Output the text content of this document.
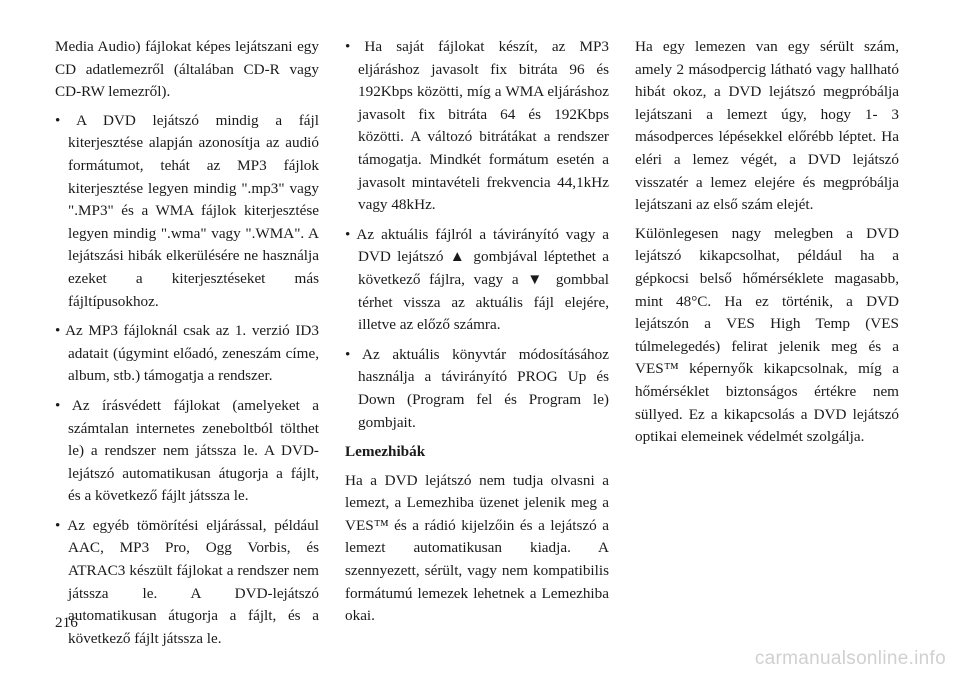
Media Audio) fájlokat képes lejátszani egy CD adatlemezről (általában CD-R vagy CD-RW lemezről).

• A DVD lejátszó mindig a fájl kiterjesztése alapján azonosítja az audió formátumot, tehát az MP3 fájlok kiterjesztése legyen mindig ".mp3" vagy ".MP3" és a WMA fájlok kiterjesztése legyen mindig ".wma" vagy ".WMA". A lejátszási hibák elkerülésére ne használja ezeket a kiterjesztéseket más fájltípusokhoz.

• Az MP3 fájloknál csak az 1. verzió ID3 adatait (úgymint előadó, zeneszám címe, album, stb.) támogatja a rendszer.

• Az írásvédett fájlokat (amelyeket a számtalan internetes zeneboltból tölthet le) a rendszer nem játssza le. A DVD-lejátszó automatikusan átugorja a fájlt, és a következő fájlt játssza le.

• Az egyéb tömörítési eljárással, például AAC, MP3 Pro, Ogg Vorbis, és ATRAC3 készült fájlokat a rendszer nem játssza le. A DVD-lejátszó automatikusan átugorja a fájlt, és a következő fájlt játssza le.

• Ha saját fájlokat készít, az MP3 eljáráshoz javasolt fix bitráta 96 és 192Kbps közötti, míg a WMA eljáráshoz javasolt fix bitráta 64 és 192Kbps közötti. A változó bitrátákat a rendszer támogatja. Mindkét formátum esetén a javasolt mintavételi frekvencia 44,1kHz vagy 48kHz.

• Az aktuális fájlról a távirányító vagy a DVD lejátszó ▲ gombjával léptethet a következő fájlra, vagy a ▼ gombbal térhet vissza az aktuális fájl elejére, illetve az előző számra.

• Az aktuális könyvtár módosításához használja a távirányító PROG Up és Down (Program fel és Program le) gombjait.

Lemezhibák

Ha a DVD lejátszó nem tudja olvasni a lemezt, a Lemezhiba üzenet jelenik meg a VES™ és a rádió kijelzőin és a lejátszó a lemezt automatikusan kiadja. A szennyezett, sérült, vagy nem kompatibilis formátumú lemezek lehetnek a Lemezhiba okai.

Ha egy lemezen van egy sérült szám, amely 2 másodpercig látható vagy hallható hibát okoz, a DVD lejátszó megpróbálja lejátszani a lemezt úgy, hogy 1- 3 másodperces lépésekkel előrébb léptet. Ha eléri a lemez végét, a DVD lejátszó visszatér a lemez elejére és megpróbálja lejátszani az első szám elejét.

Különlegesen nagy melegben a DVD lejátszó kikapcsolhat, például ha a gépkocsi belső hőmérséklete magasabb, mint 48°C. Ha ez történik, a DVD lejátszón a VES High Temp (VES túlmelegedés) felirat jelenik meg és a VES™ képernyők kikapcsolnak, míg a hőmérséklet biztonságos értékre nem süllyed. Ez a kikapcsolás a DVD lejátszó optikai elemeinek védelmét szolgálja.

216
carmanualsonline.info
